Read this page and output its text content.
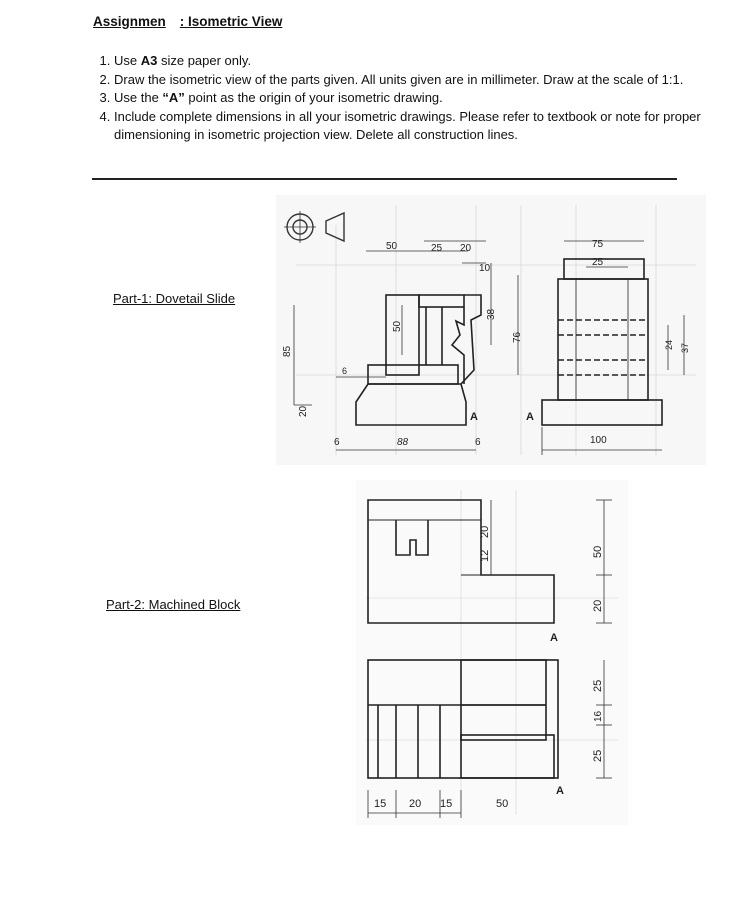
Assignmen : Isometric View
1. Use A3 size paper only.
2. Draw the isometric view of the parts given. All units given are in millimeter. Draw at the scale of 1:1.
3. Use the “A” point as the origin of your isometric drawing.
4. Include complete dimensions in all your isometric drawings. Please refer to textbook or note for proper dimensioning in isometric projection view. Delete all construction lines.
Part-1: Dovetail Slide
Part-2: Machined Block
50	25 20
10
50
38
76
85
6
20
6	88	6
A
75
25
24 37
100
A
20
12	50
20
A
25
16
25
15 20 15	50
A
